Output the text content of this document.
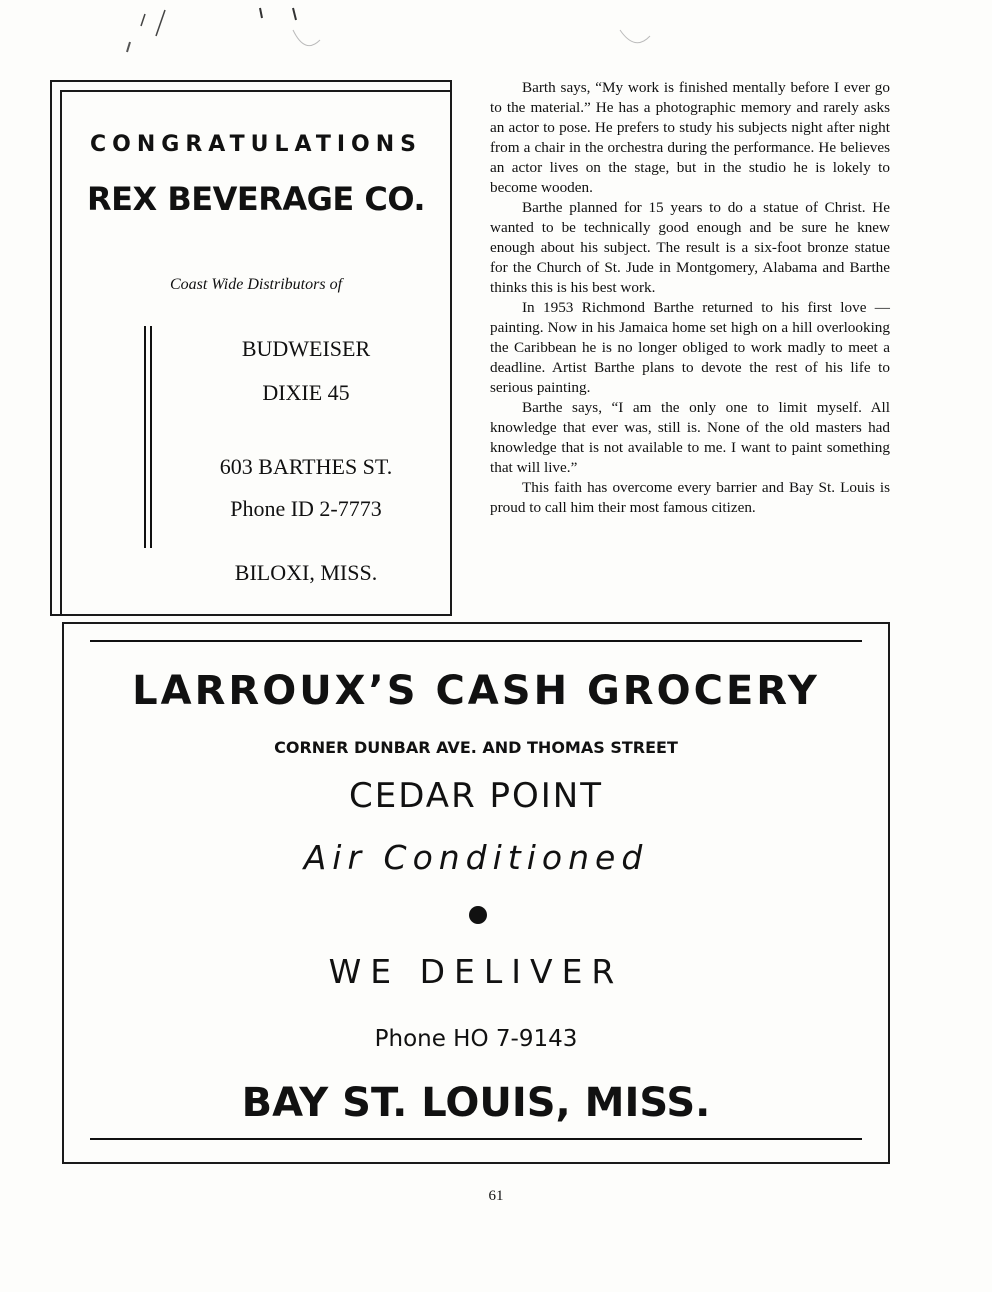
CONGRATULATIONS
REX BEVERAGE CO.
Coast Wide Distributors of
BUDWEISER
DIXIE 45
603 BARTHES ST.
Phone ID 2-7773
BILOXI, MISS.

Barth says, “My work is finished mentally before I ever go to the material.” He has a photographic memory and rarely asks an actor to pose. He prefers to study his subjects night after night from a chair in the orchestra during the performance. He believes an actor lives on the stage, but in the studio he is lokely to become wooden.

Barthe planned for 15 years to do a statue of Christ. He wanted to be technically good enough and be sure he knew enough about his subject. The result is a six-foot bronze statue for the Church of St. Jude in Montgomery, Alabama and Barthe thinks this is his best work.

In 1953 Richmond Barthe returned to his first love — painting. Now in his Jamaica home set high on a hill overlooking the Caribbean he is no longer obliged to work madly to meet a deadline. Artist Barthe plans to devote the rest of his life to serious painting.

Barthe says, “I am the only one to limit myself. All knowledge that ever was, still is. None of the old masters had knowledge that is not available to me. I want to paint something that will live.”

This faith has overcome every barrier and Bay St. Louis is proud to call him their most famous citizen.

LARROUX’S CASH GROCERY
CORNER DUNBAR AVE. AND THOMAS STREET
CEDAR POINT
Air Conditioned
WE DELIVER
Phone HO 7-9143
BAY ST. LOUIS, MISS.
61
